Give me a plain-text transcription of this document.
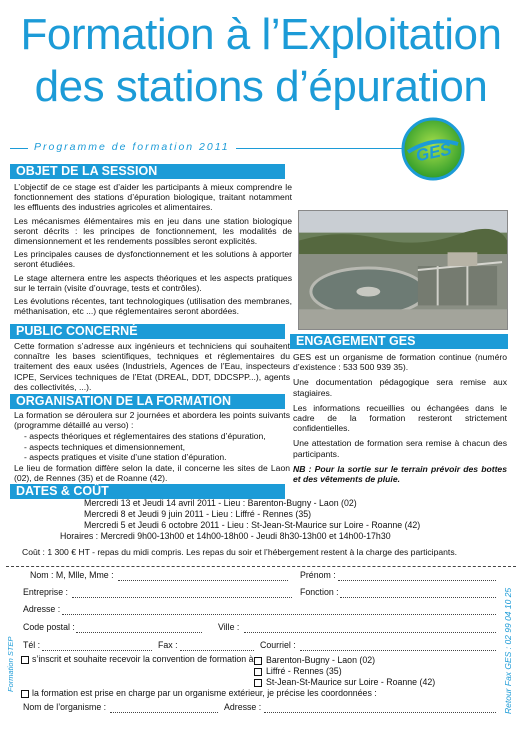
Formation à l’Exploitation
des stations d’épuration
Programme de formation 2011	GES
OBJET DE LA SESSION

L’objectif de ce stage est d’aider les participants à mieux comprendre le fonctionnement des stations d’épuration biologique, traitant notamment les effluents des industries agricoles et alimentaires.

Les mécanismes élémentaires mis en jeu dans une station biologique seront décrits : les principes de fonctionnement, les modalités de dimensionnement et les rendements possibles seront explicités.

Les principales causes de dysfonctionnement et les solutions à apporter seront étudiées.

Le stage alternera entre les aspects théoriques et les aspects pratiques sur le terrain (visite d’ouvrage, tests et contrôles).

Les évolutions récentes, tant technologiques (utilisation des membranes, méthanisation, etc ...) que réglementaires seront abordées.

PUBLIC CONCERNÉ
Cette formation s’adresse aux ingénieurs et techniciens qui souhaitent connaître les bases scientifiques, techniques et réglementaires du traitement des eaux usées (Industriels, Agences de l’Eau, inspecteurs ICPE, Services techniques de l’Etat (DREAL, DDT, DDCSPP...), agents des collectivités, ...).
ORGANISATION DE LA FORMATION

La formation se déroulera sur 2 journées et abordera les points suivants (programme détaillé au verso) :

- aspects théoriques et réglementaires des stations d’épuration,
- aspects techniques et dimensionnement,
- aspects pratiques et visite d’une station d’épuration.

Le lieu de formation diffère selon la date, il concerne les sites de Laon (02), de Rennes (35) et de Roanne (42).

ENGAGEMENT GES

GES est un organisme de formation continue (numéro d’existence : 533 500 939 35).

Une documentation pédagogique sera remise aux stagiaires.

Les informations recueillies ou échangées dans le cadre de la formation resteront strictement confidentielles.

Une attestation de formation sera remise à chacun des participants.

NB : Pour la sortie sur le terrain prévoir des bottes et des vêtements de pluie.

DATES & COÛT
Mercredi 13 et Jeudi 14 avril 2011 - Lieu : Barenton-Bugny - Laon (02)
Mercredi 8 et Jeudi 9 juin 2011 - Lieu : Liffré - Rennes (35)
Mercredi 5 et Jeudi 6 octobre 2011 - Lieu : St-Jean-St-Maurice sur Loire - Roanne (42)
Horaires : Mercredi 9h00-13h00 et 14h00-18h00 - Jeudi 8h30-13h00 et 14h00-17h30
Coût : 1 300 € HT - repas du midi compris. Les repas du soir et l’hébergement restent à la charge des participants.
Formation STEP	Retour Fax GES : 02 99 04 10 25
Nom : M, Mlle, Mme :	Prénom :
Entreprise :	Fonction :
Adresse :
Code postal :	Ville :
Tél :	Fax :	Courriel :
s’inscrit et souhaite recevoir la convention de formation à Barenton-Bugny - Laon (02)
Liffré - Rennes (35)
St-Jean-St-Maurice sur Loire - Roanne (42)
la formation est prise en charge par un organisme extérieur, je précise les coordonnées :
Nom de l’organisme :	Adresse :
